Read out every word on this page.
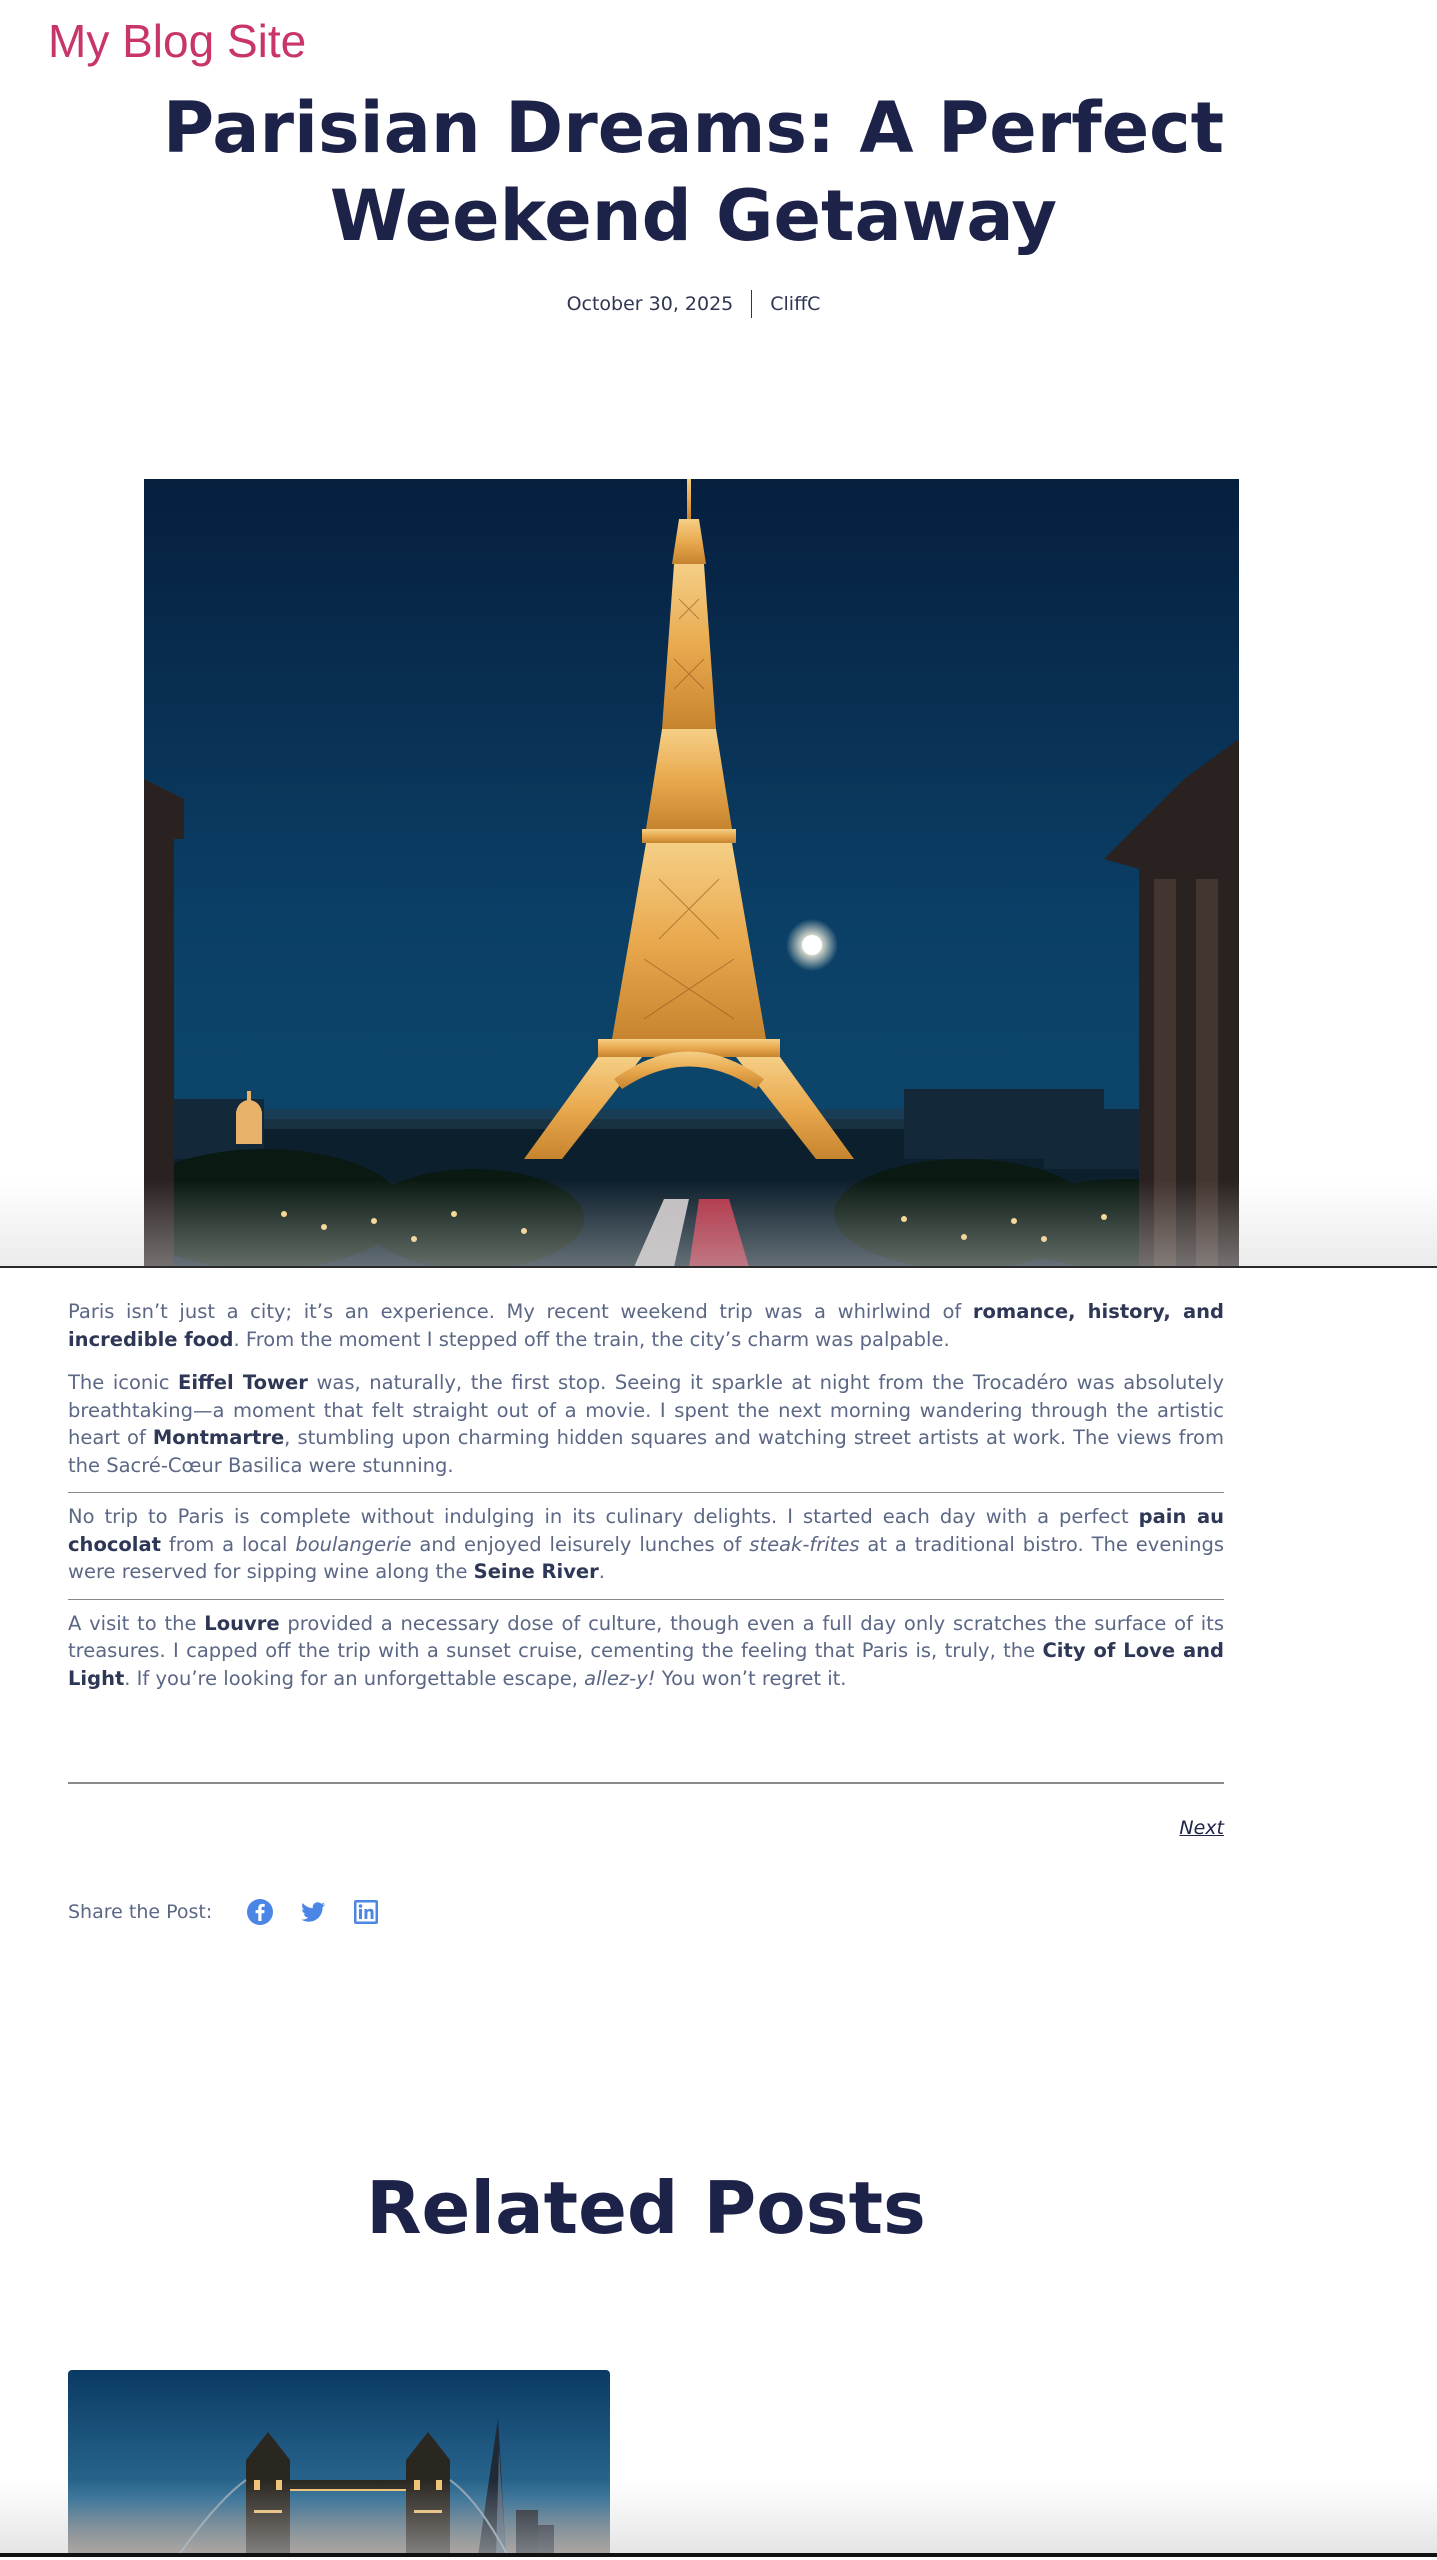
My Blog Site
Parisian Dreams: A Perfect Weekend Getaway
October 30, 2025 CliffC

Paris isn’t just a city; it’s an experience. My recent weekend trip was a whirlwind of romance, history, and incredible food. From the moment I stepped off the train, the city’s charm was palpable.

The iconic Eiffel Tower was, naturally, the first stop. Seeing it sparkle at night from the Trocadéro was absolutely breathtaking—a moment that felt straight out of a movie. I spent the next morning wandering through the artistic heart of Montmartre, stumbling upon charming hidden squares and watching street artists at work. The views from the Sacré-Cœur Basilica were stunning.

No trip to Paris is complete without indulging in its culinary delights. I started each day with a perfect pain au chocolat from a local boulangerie and enjoyed leisurely lunches of steak-frites at a traditional bistro. The evenings were reserved for sipping wine along the Seine River.

A visit to the Louvre provided a necessary dose of culture, though even a full day only scratches the surface of its treasures. I capped off the trip with a sunset cruise, cementing the feeling that Paris is, truly, the City of Love and Light. If you’re looking for an unforgettable escape, allez-y! You won’t regret it.

Next
Share the Post:
Related Posts
